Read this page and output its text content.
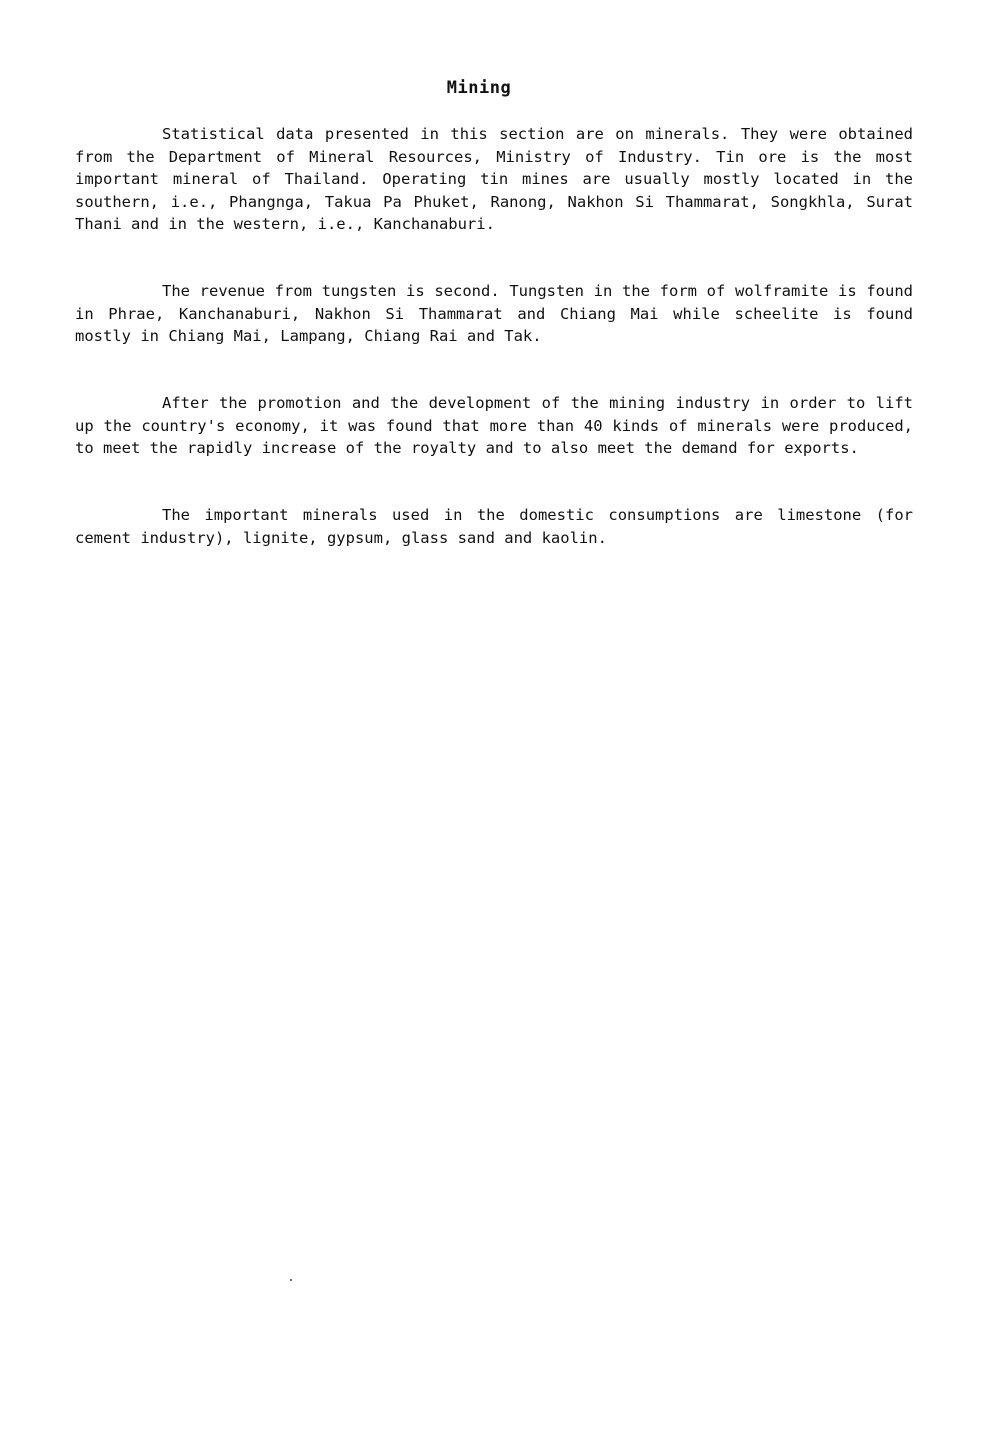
Mining

Statistical data presented in this section are on minerals. They were obtained from the Department of Mineral Resources, Ministry of Industry. Tin ore is the most important mineral of Thailand. Operating tin mines are usually mostly located in the southern, i.e., Phangnga, Takua Pa Phuket, Ranong, Nakhon Si Thammarat, Songkhla, Surat Thani and in the western, i.e., Kanchanaburi.

The revenue from tungsten is second. Tungsten in the form of wolframite is found in Phrae, Kanchanaburi, Nakhon Si Thammarat and Chiang Mai while scheelite is found mostly in Chiang Mai, Lampang, Chiang Rai and Tak.

After the promotion and the development of the mining industry in order to lift up the country's economy, it was found that more than 40 kinds of minerals were produced, to meet the rapidly increase of the royalty and to also meet the demand for exports.

The important minerals used in the domestic consumptions are limestone (for cement industry), lignite, gypsum, glass sand and kaolin.
